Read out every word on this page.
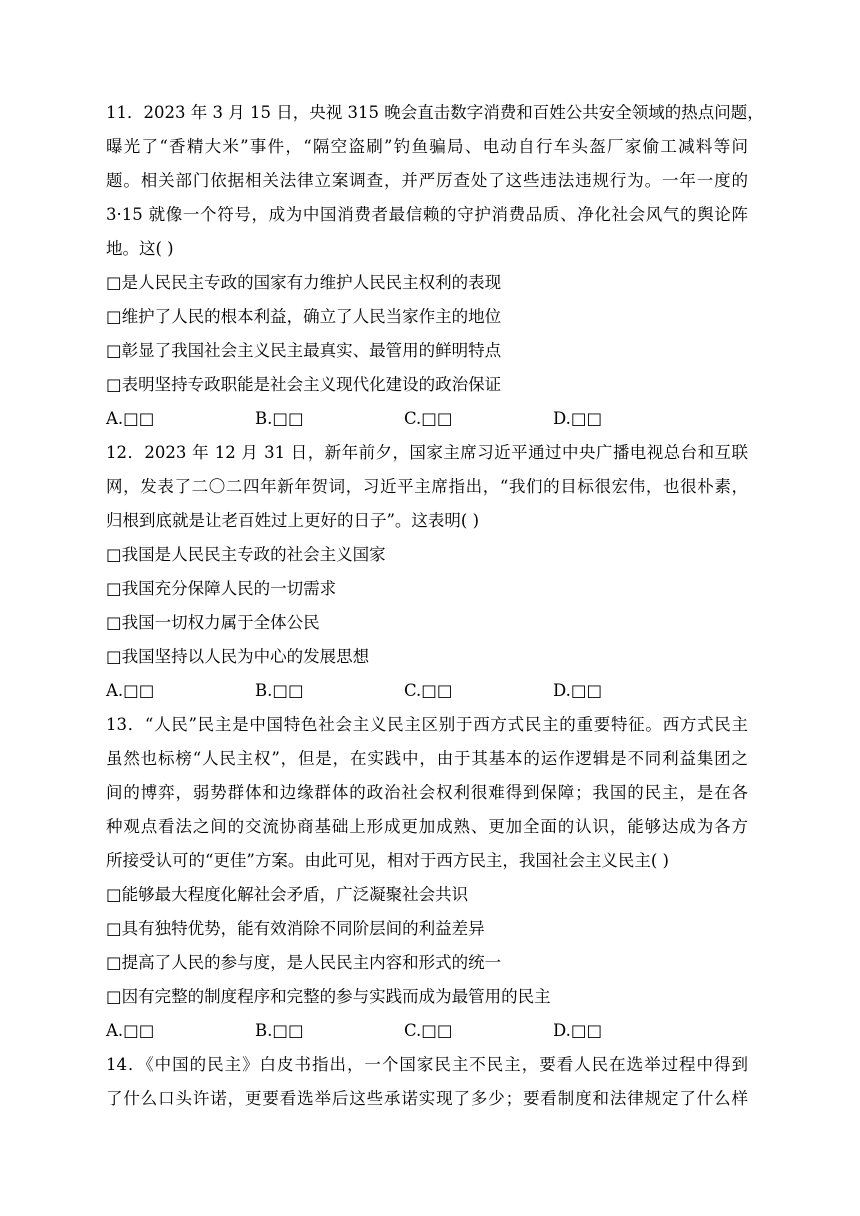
11．2023 年 3 月 15 日，央视 315 晚会直击数字消费和百姓公共安全领域的热点问题，
曝光了“香精大米”事件，“隔空盗刷”钓鱼骗局、电动自行车头盔厂家偷工减料等问
题。相关部门依据相关法律立案调查，并严厉查处了这些违法违规行为。一年一度的
3·15 就像一个符号，成为中国消费者最信赖的守护消费品质、净化社会风气的舆论阵
地。这( )
□是人民民主专政的国家有力维护人民民主权利的表现
□维护了人民的根本利益，确立了人民当家作主的地位
□彰显了我国社会主义民主最真实、最管用的鲜明特点
□表明坚持专政职能是社会主义现代化建设的政治保证
A.□□	B.□□	C.□□	D.□□
12．2023 年 12 月 31 日，新年前夕，国家主席习近平通过中央广播电视总台和互联
网，发表了二〇二四年新年贺词，习近平主席指出，“我们的目标很宏伟，也很朴素，
归根到底就是让老百姓过上更好的日子”。这表明( )
□我国是人民民主专政的社会主义国家
□我国充分保障人民的一切需求
□我国一切权力属于全体公民
□我国坚持以人民为中心的发展思想
A.□□	B.□□	C.□□	D.□□
13．“人民”民主是中国特色社会主义民主区别于西方式民主的重要特征。西方式民主
虽然也标榜“人民主权”，但是，在实践中，由于其基本的运作逻辑是不同利益集团之
间的博弈，弱势群体和边缘群体的政治社会权利很难得到保障；我国的民主，是在各
种观点看法之间的交流协商基础上形成更加成熟、更加全面的认识，能够达成为各方
所接受认可的“更佳”方案。由此可见，相对于西方民主，我国社会主义民主( )
□能够最大程度化解社会矛盾，广泛凝聚社会共识
□具有独特优势，能有效消除不同阶层间的利益差异
□提高了人民的参与度，是人民民主内容和形式的统一
□因有完整的制度程序和完整的参与实践而成为最管用的民主
A.□□	B.□□	C.□□	D.□□
14．《中国的民主》白皮书指出，一个国家民主不民主，要看人民在选举过程中得到
了什么口头许诺，更要看选举后这些承诺实现了多少；要看制度和法律规定了什么样
